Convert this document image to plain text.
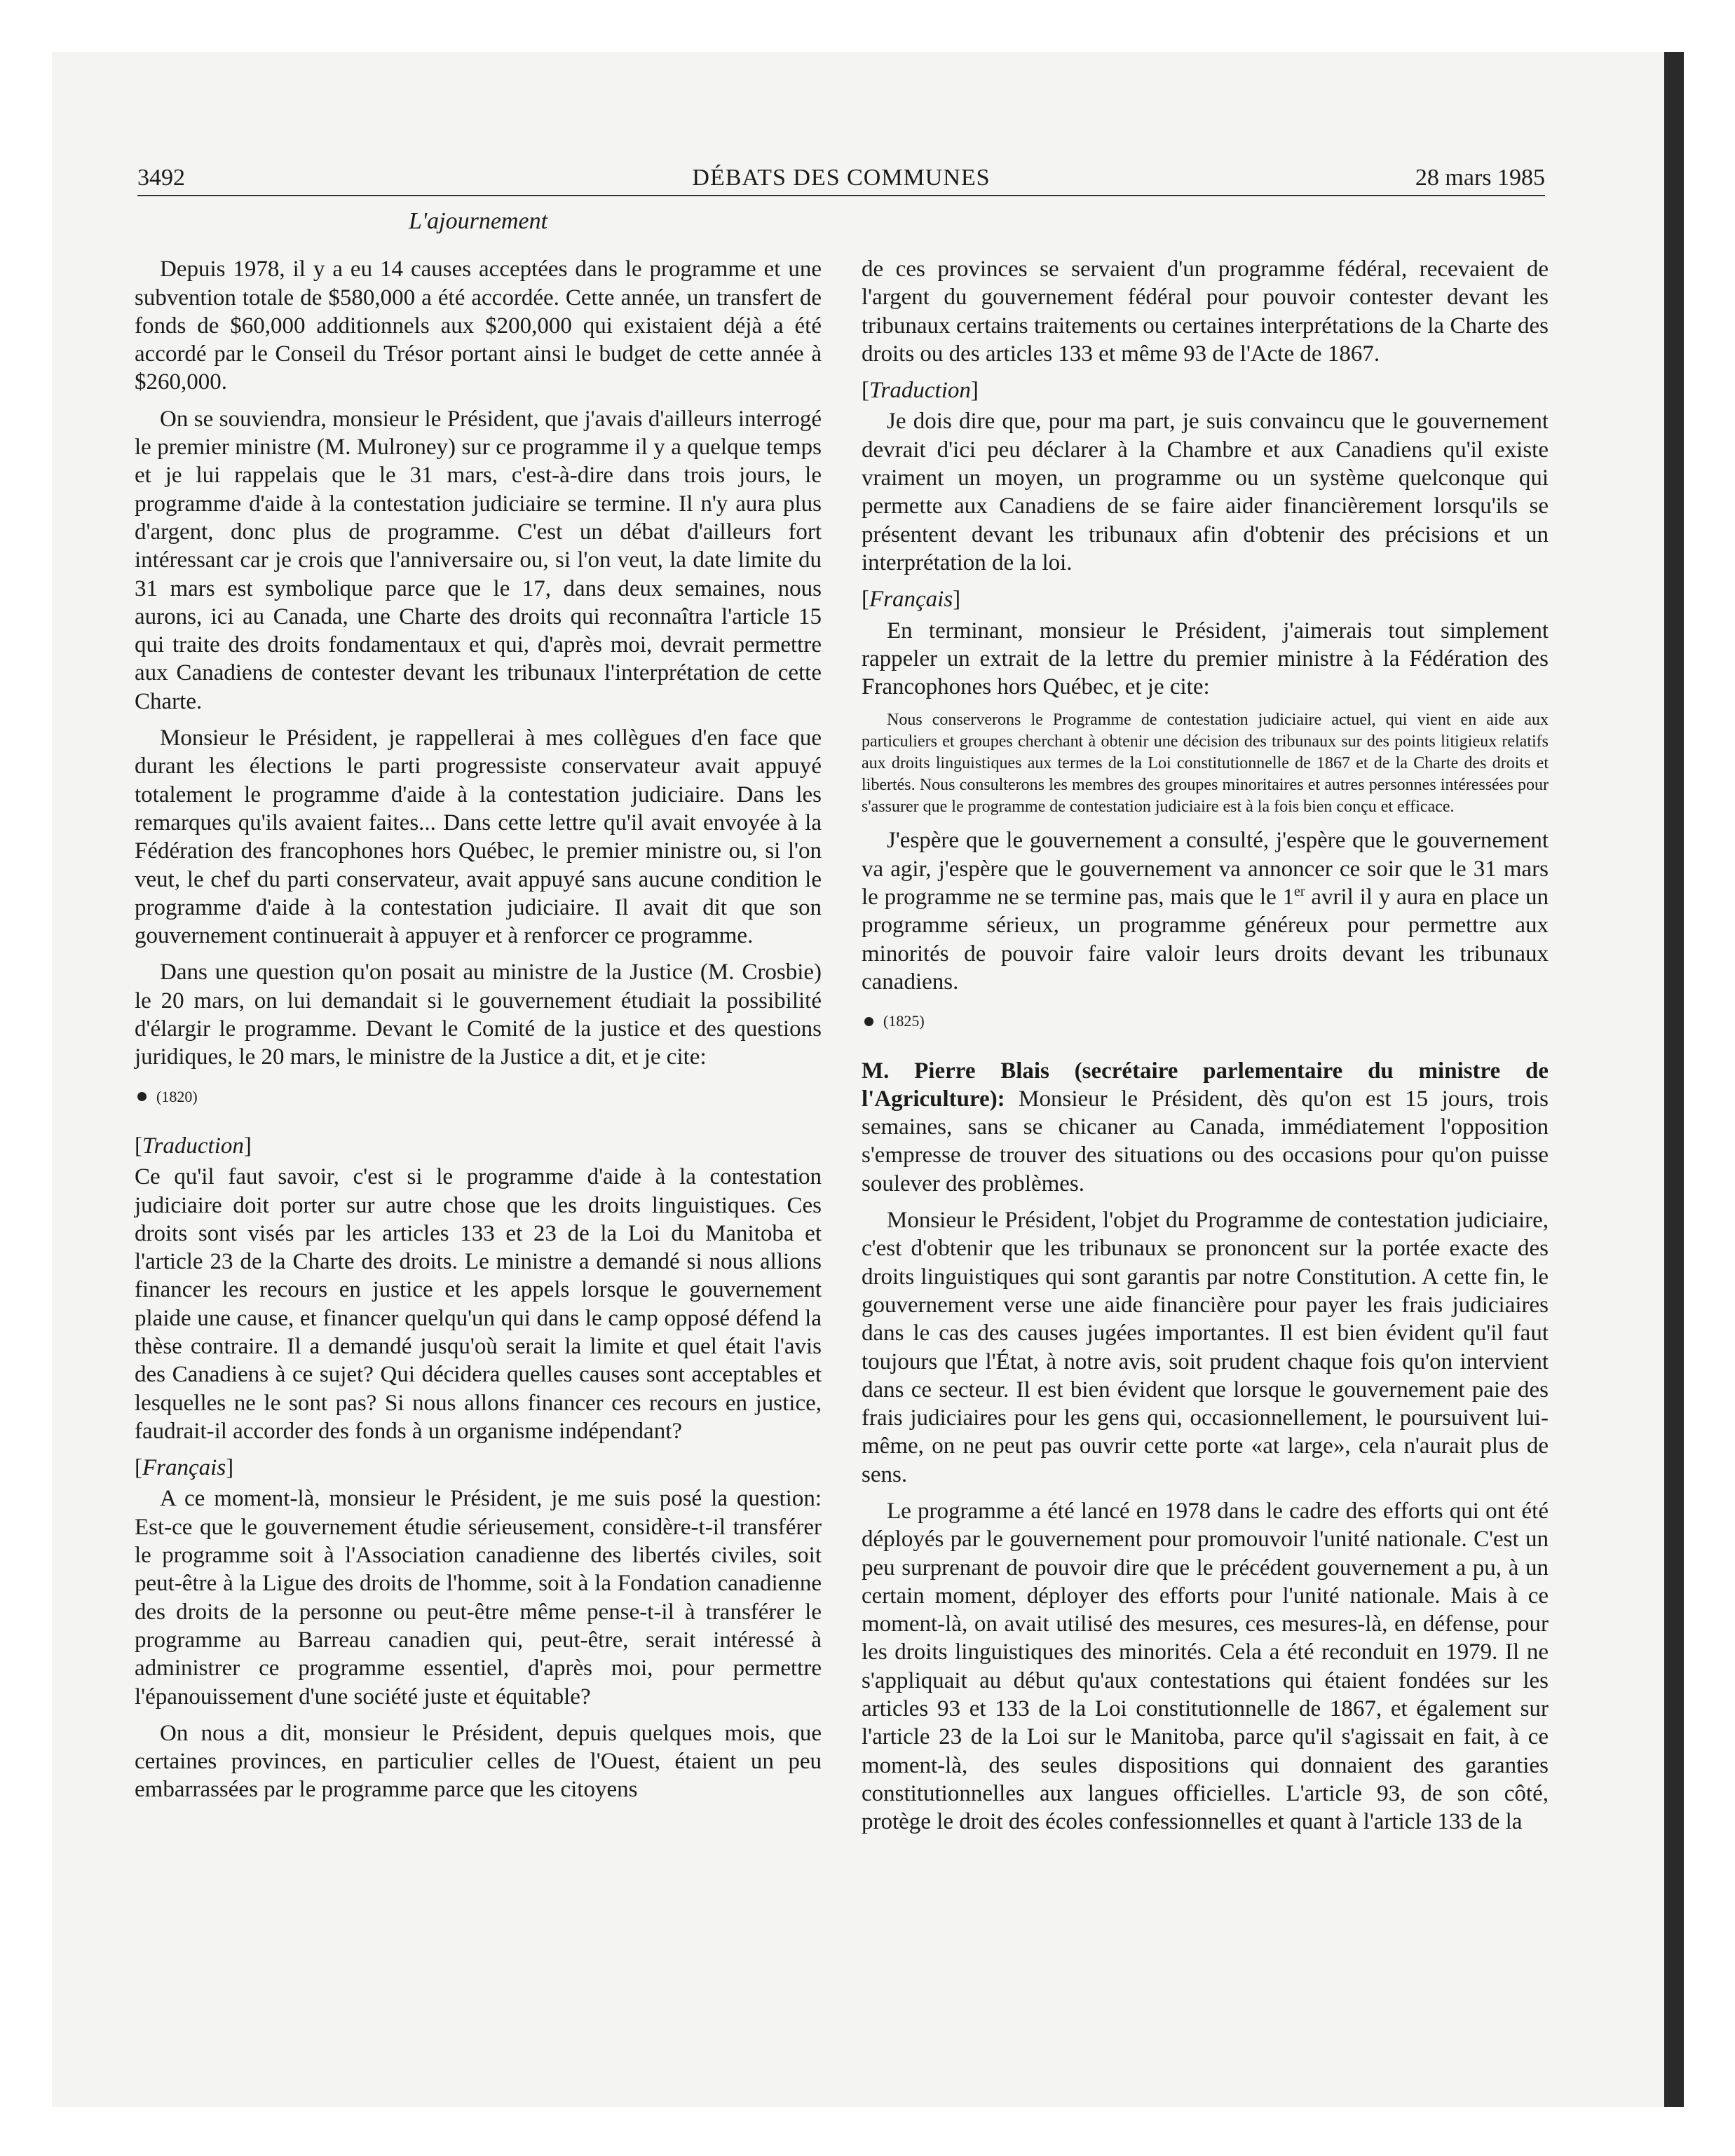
3492	DÉBATS DES COMMUNES	28 mars 1985
L'ajournement

Depuis 1978, il y a eu 14 causes acceptées dans le programme et une subvention totale de $580,000 a été accordée. Cette année, un transfert de fonds de $60,000 additionnels aux $200,000 qui existaient déjà a été accordé par le Conseil du Trésor portant ainsi le budget de cette année à $260,000.

On se souviendra, monsieur le Président, que j'avais d'ailleurs interrogé le premier ministre (M. Mulroney) sur ce programme il y a quelque temps et je lui rappelais que le 31 mars, c'est-à-dire dans trois jours, le programme d'aide à la contestation judiciaire se termine. Il n'y aura plus d'argent, donc plus de programme. C'est un débat d'ailleurs fort intéressant car je crois que l'anniversaire ou, si l'on veut, la date limite du 31 mars est symbolique parce que le 17, dans deux semaines, nous aurons, ici au Canada, une Charte des droits qui reconnaîtra l'article 15 qui traite des droits fondamentaux et qui, d'après moi, devrait permettre aux Canadiens de contester devant les tribunaux l'interprétation de cette Charte.

Monsieur le Président, je rappellerai à mes collègues d'en face que durant les élections le parti progressiste conservateur avait appuyé totalement le programme d'aide à la contestation judiciaire. Dans les remarques qu'ils avaient faites... Dans cette lettre qu'il avait envoyée à la Fédération des francophones hors Québec, le premier ministre ou, si l'on veut, le chef du parti conservateur, avait appuyé sans aucune condition le programme d'aide à la contestation judiciaire. Il avait dit que son gouvernement continuerait à appuyer et à renforcer ce programme.

Dans une question qu'on posait au ministre de la Justice (M. Crosbie) le 20 mars, on lui demandait si le gouvernement étudiait la possibilité d'élargir le programme. Devant le Comité de la justice et des questions juridiques, le 20 mars, le ministre de la Justice a dit, et je cite:

(1820)
[Traduction]

Ce qu'il faut savoir, c'est si le programme d'aide à la contestation judiciaire doit porter sur autre chose que les droits linguistiques. Ces droits sont visés par les articles 133 et 23 de la Loi du Manitoba et l'article 23 de la Charte des droits. Le ministre a demandé si nous allions financer les recours en justice et les appels lorsque le gouvernement plaide une cause, et financer quelqu'un qui dans le camp opposé défend la thèse contraire. Il a demandé jusqu'où serait la limite et quel était l'avis des Canadiens à ce sujet? Qui décidera quelles causes sont acceptables et lesquelles ne le sont pas? Si nous allons financer ces recours en justice, faudrait-il accorder des fonds à un organisme indépendant?

[Français]

A ce moment-là, monsieur le Président, je me suis posé la question: Est-ce que le gouvernement étudie sérieusement, considère-t-il transférer le programme soit à l'Association canadienne des libertés civiles, soit peut-être à la Ligue des droits de l'homme, soit à la Fondation canadienne des droits de la personne ou peut-être même pense-t-il à transférer le programme au Barreau canadien qui, peut-être, serait intéressé à administrer ce programme essentiel, d'après moi, pour permettre l'épanouissement d'une société juste et équitable?

On nous a dit, monsieur le Président, depuis quelques mois, que certaines provinces, en particulier celles de l'Ouest, étaient un peu embarrassées par le programme parce que les citoyens

de ces provinces se servaient d'un programme fédéral, recevaient de l'argent du gouvernement fédéral pour pouvoir contester devant les tribunaux certains traitements ou certaines interprétations de la Charte des droits ou des articles 133 et même 93 de l'Acte de 1867.

[Traduction]

Je dois dire que, pour ma part, je suis convaincu que le gouvernement devrait d'ici peu déclarer à la Chambre et aux Canadiens qu'il existe vraiment un moyen, un programme ou un système quelconque qui permette aux Canadiens de se faire aider financièrement lorsqu'ils se présentent devant les tribunaux afin d'obtenir des précisions et un interprétation de la loi.

[Français]

En terminant, monsieur le Président, j'aimerais tout simplement rappeler un extrait de la lettre du premier ministre à la Fédération des Francophones hors Québec, et je cite:

Nous conserverons le Programme de contestation judiciaire actuel, qui vient en aide aux particuliers et groupes cherchant à obtenir une décision des tribunaux sur des points litigieux relatifs aux droits linguistiques aux termes de la Loi constitutionnelle de 1867 et de la Charte des droits et libertés. Nous consulterons les membres des groupes minoritaires et autres personnes intéressées pour s'assurer que le programme de contestation judiciaire est à la fois bien conçu et efficace.

J'espère que le gouvernement a consulté, j'espère que le gouvernement va agir, j'espère que le gouvernement va annoncer ce soir que le 31 mars le programme ne se termine pas, mais que le 1er avril il y aura en place un programme sérieux, un programme généreux pour permettre aux minorités de pouvoir faire valoir leurs droits devant les tribunaux canadiens.

(1825)

M. Pierre Blais (secrétaire parlementaire du ministre de l'Agriculture): Monsieur le Président, dès qu'on est 15 jours, trois semaines, sans se chicaner au Canada, immédiatement l'opposition s'empresse de trouver des situations ou des occasions pour qu'on puisse soulever des problèmes.

Monsieur le Président, l'objet du Programme de contestation judiciaire, c'est d'obtenir que les tribunaux se prononcent sur la portée exacte des droits linguistiques qui sont garantis par notre Constitution. A cette fin, le gouvernement verse une aide financière pour payer les frais judiciaires dans le cas des causes jugées importantes. Il est bien évident qu'il faut toujours que l'État, à notre avis, soit prudent chaque fois qu'on intervient dans ce secteur. Il est bien évident que lorsque le gouvernement paie des frais judiciaires pour les gens qui, occasionnellement, le poursuivent lui-même, on ne peut pas ouvrir cette porte «at large», cela n'aurait plus de sens.

Le programme a été lancé en 1978 dans le cadre des efforts qui ont été déployés par le gouvernement pour promouvoir l'unité nationale. C'est un peu surprenant de pouvoir dire que le précédent gouvernement a pu, à un certain moment, déployer des efforts pour l'unité nationale. Mais à ce moment-là, on avait utilisé des mesures, ces mesures-là, en défense, pour les droits linguistiques des minorités. Cela a été reconduit en 1979. Il ne s'appliquait au début qu'aux contestations qui étaient fondées sur les articles 93 et 133 de la Loi constitutionnelle de 1867, et également sur l'article 23 de la Loi sur le Manitoba, parce qu'il s'agissait en fait, à ce moment-là, des seules dispositions qui donnaient des garanties constitutionnelles aux langues officielles. L'article 93, de son côté, protège le droit des écoles confessionnelles et quant à l'article 133 de la
